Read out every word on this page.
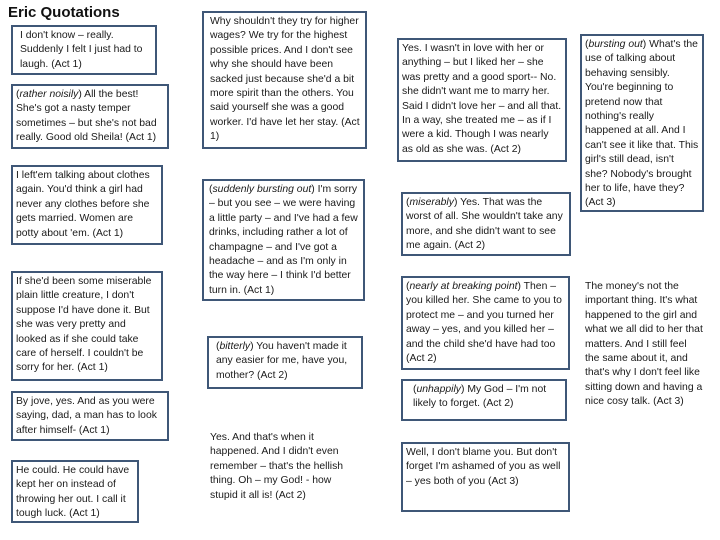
Eric Quotations
I don't know – really. Suddenly I felt I just had to laugh. (Act 1)
(rather noisily) All the best! She's got a nasty temper sometimes – but she's not bad really. Good old Sheila! (Act 1)
I left'em talking about clothes again. You'd think a girl had never any clothes before she gets married. Women are potty about 'em. (Act 1)
If she'd been some miserable plain little creature, I don't suppose I'd have done it. But she was very pretty and looked as if she could take care of herself. I couldn't be sorry for her. (Act 1)
By jove, yes. And as you were saying, dad, a man has to look after himself- (Act 1)
He could. He could have kept her on instead of throwing her out. I call it tough luck. (Act 1)
Why shouldn't they try for higher wages? We try for the highest possible prices. And I don't see why she should have been sacked just because she'd a bit more spirit than the others. You said yourself she was a good worker. I'd have let her stay. (Act 1)
(suddenly bursting out) I'm sorry – but you see – we were having a little party – and I've had a few drinks, including rather a lot of champagne – and I've got a headache – and as I'm only in the way here – I think I'd better turn in. (Act 1)
(bitterly) You haven't made it any easier for me, have you, mother? (Act 2)
Yes. And that's when it happened. And I didn't even remember – that's the hellish thing. Oh – my God! - how stupid it all is! (Act 2)
Yes. I wasn't in love with her or anything – but I liked her – she was pretty and a good sport-- No. she didn't want me to marry her. Said I didn't love her – and all that. In a way, she treated me – as if I were a kid. Though I was nearly as old as she was. (Act 2)
(miserably) Yes. That was the worst of all. She wouldn't take any more, and she didn't want to see me again. (Act 2)
(nearly at breaking point) Then – you killed her. She came to you to protect me – and you turned her away – yes, and you killed her – and the child she'd have had too (Act 2)
(unhappily) My God – I'm not likely to forget. (Act 2)
Well, I don't blame you. But don't forget I'm ashamed of you as well – yes both of you (Act 3)
(bursting out) What's the use of talking about behaving sensibly. You're beginning to pretend now that nothing's really happened at all. And I can't see it like that. This girl's still dead, isn't she? Nobody's brought her to life, have they? (Act 3)
The money's not the important thing. It's what happened to the girl and what we all did to her that matters. And I still feel the same about it, and that's why I don't feel like sitting down and having a nice cosy talk. (Act 3)
